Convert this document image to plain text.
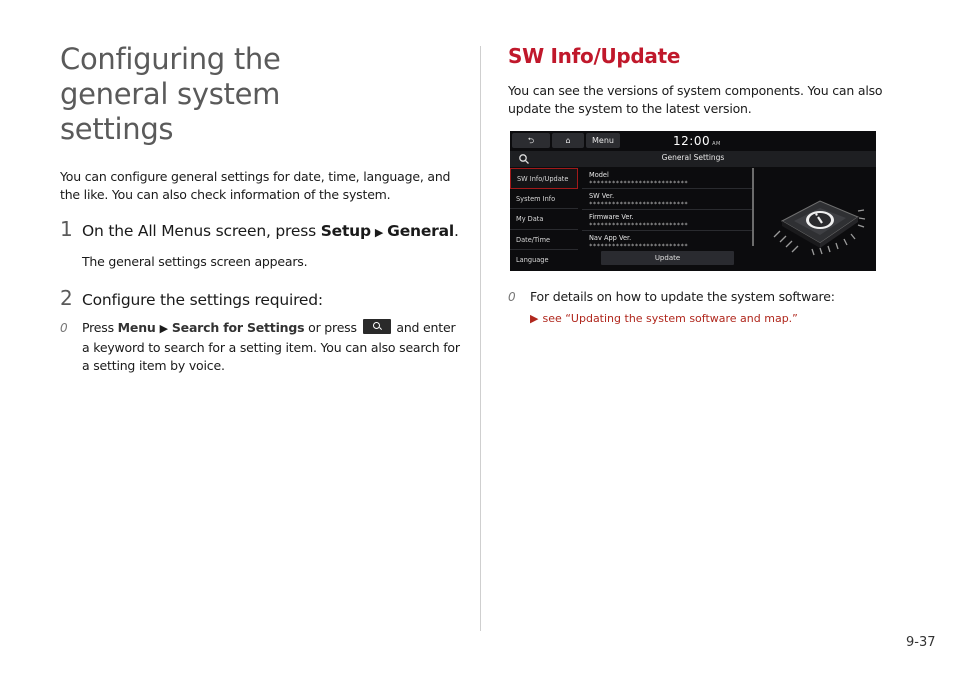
Configuring the general system settings

You can configure general settings for date, time, language, and the like. You can also check information of the system.

1 On the All Menus screen, press Setup ▶ General.

The general settings screen appears.

2 Configure the settings required:
0	Press Menu ▶ Search for Settings or press	and enter a keyword to search for a setting item. You can also search for a setting item by voice.

SW Info/Update

You can see the versions of system components. You can also update the system to the latest version.

⮌	⌂	Menu	12:00 AM
General Settings
SW Info/Update
System Info
My Data
Date/Time
Language
Model
**************************
SW Ver.
**************************
Firmware Ver.
**************************
Nav App Ver.
**************************
Update
0	For details on how to update the system software:

▶ see “Updating the system software and map.”

9-37
